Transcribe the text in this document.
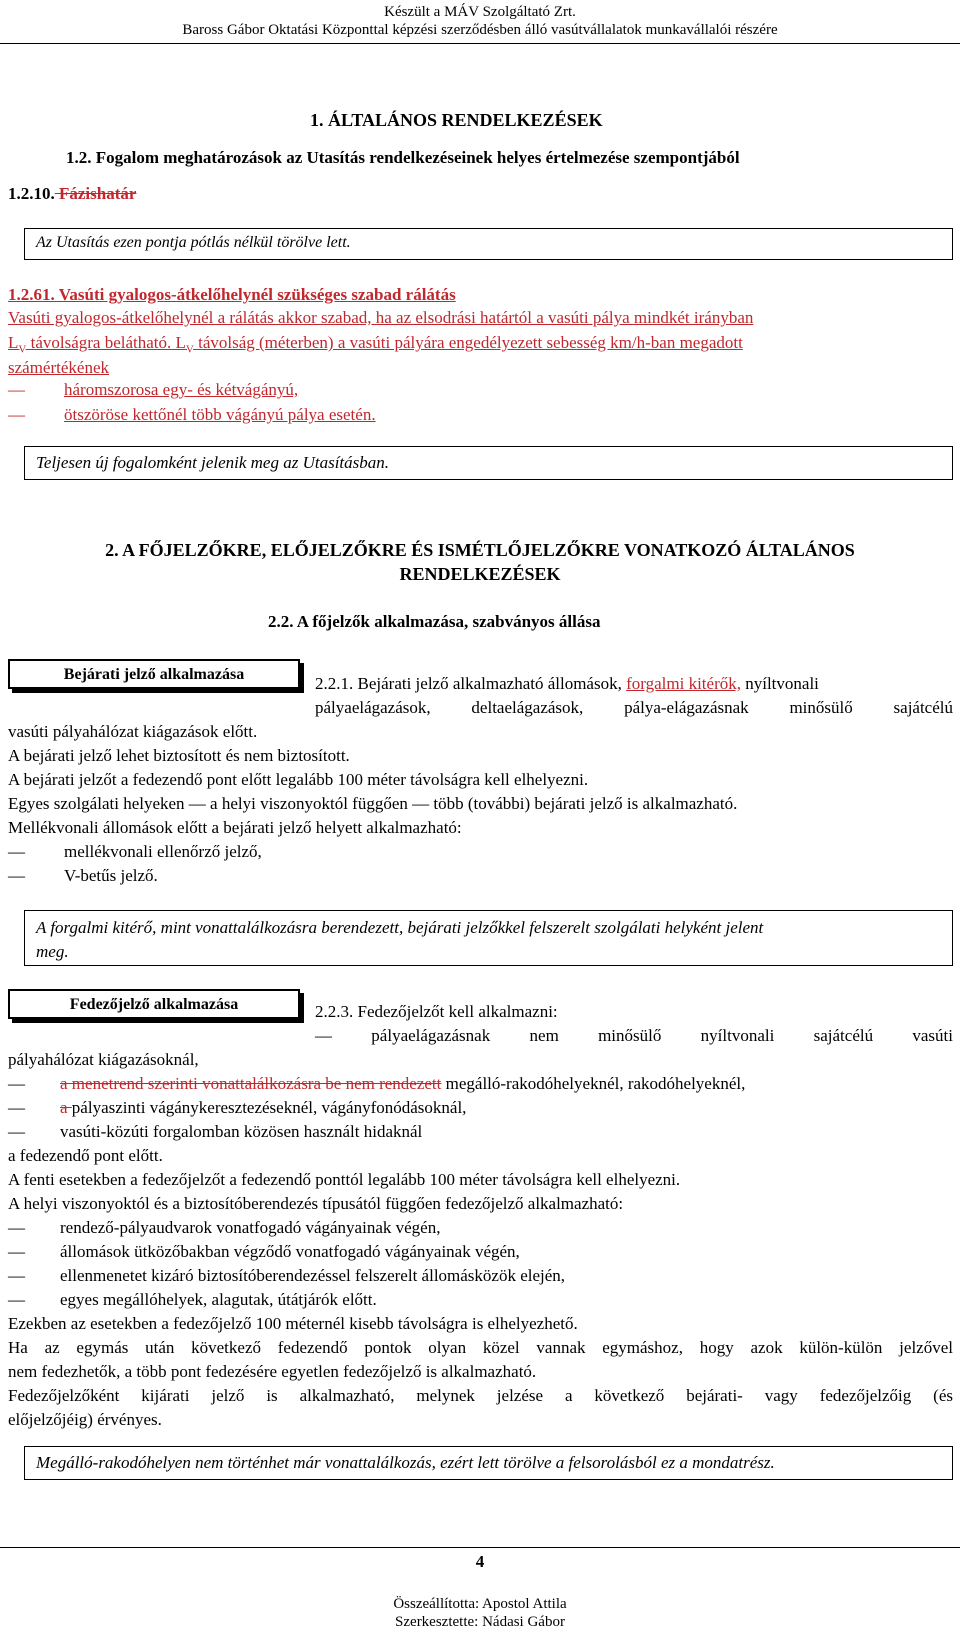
Készült a MÁV Szolgáltató Zrt.
Baross Gábor Oktatási Központtal képzési szerződésben álló vasútvállalatok munkavállalói részére
1. ÁLTALÁNOS RENDELKEZÉSEK
1.2. Fogalom meghatározások az Utasítás rendelkezéseinek helyes értelmezése szempontjából
1.2.10. Fázishatár
Az Utasítás ezen pontja pótlás nélkül törölve lett.
1.2.61. Vasúti gyalogos-átkelőhelynél szükséges szabad rálátás
Vasúti gyalogos-átkelőhelynél a rálátás akkor szabad, ha az elsodrási határtól a vasúti pálya mindkét irányban
$L_V$ távolságra belátható. $L_V$ távolság (méterben) a vasúti pályára engedélyezett sebesség km/h-ban megadott
számértékének
— háromszorosa egy- és kétvágányú,
— ötszöröse kettőnél több vágányú pálya esetén.
Teljesen új fogalomként jelenik meg az Utasításban.
2. A FŐJELZŐKRE, ELŐJELZŐKRE ÉS ISMÉTLŐJELZŐKRE VONATKOZÓ ÁLTALÁNOS
RENDELKEZÉSEK
2.2. A főjelzők alkalmazása, szabványos állása
Bejárati jelző alkalmazása	2.2.1. Bejárati jelző alkalmazható állomások, forgalmi kitérők, nyíltvonali
pályaelágazások, deltaelágazások, pálya-elágazásnak minősülő sajátcélú
vasúti pályahálózat kiágazások előtt.
A bejárati jelző lehet biztosított és nem biztosított.
A bejárati jelzőt a fedezendő pont előtt legalább 100 méter távolságra kell elhelyezni.
Egyes szolgálati helyeken — a helyi viszonyoktól függően — több (további) bejárati jelző is alkalmazható.
Mellékvonali állomások előtt a bejárati jelző helyett alkalmazható:
— mellékvonali ellenőrző jelző,
— V-betűs jelző.
A forgalmi kitérő, mint vonattalálkozásra berendezett, bejárati jelzőkkel felszerelt szolgálati helyként jelent
meg.
Fedezőjelző alkalmazása	2.2.3. Fedezőjelzőt kell alkalmazni:
— pályaelágazásnak nem minősülő nyíltvonali sajátcélú vasúti
pályahálózat kiágazásoknál,
— a menetrend szerinti vonattalálkozásra be nem rendezett megálló-rakodóhelyeknél, rakodóhelyeknél,
— a pályaszinti vágánykeresztezéseknél, vágányfonódásoknál,
— vasúti-közúti forgalomban közösen használt hidaknál
a fedezendő pont előtt.
A fenti esetekben a fedezőjelzőt a fedezendő ponttól legalább 100 méter távolságra kell elhelyezni.
A helyi viszonyoktól és a biztosítóberendezés típusától függően fedezőjelző alkalmazható:
— rendező-pályaudvarok vonatfogadó vágányainak végén,
— állomások ütközőbakban végződő vonatfogadó vágányainak végén,
— ellenmenetet kizáró biztosítóberendezéssel felszerelt állomásközök elején,
— egyes megállóhelyek, alagutak, útátjárók előtt.
Ezekben az esetekben a fedezőjelző 100 méternél kisebb távolságra is elhelyezhető.
Ha az egymás után következő fedezendő pontok olyan közel vannak egymáshoz, hogy azok külön-külön jelzővel
nem fedezhetők, a több pont fedezésére egyetlen fedezőjelző is alkalmazható.
Fedezőjelzőként kijárati jelző is alkalmazható, melynek jelzése a következő bejárati- vagy fedezőjelzőig (és
előjelzőjéig) érvényes.
Megálló-rakodóhelyen nem történhet már vonattalálkozás, ezért lett törölve a felsorolásból ez a mondatrész.
4
Összeállította: Apostol Attila
Szerkesztette: Nádasi Gábor
